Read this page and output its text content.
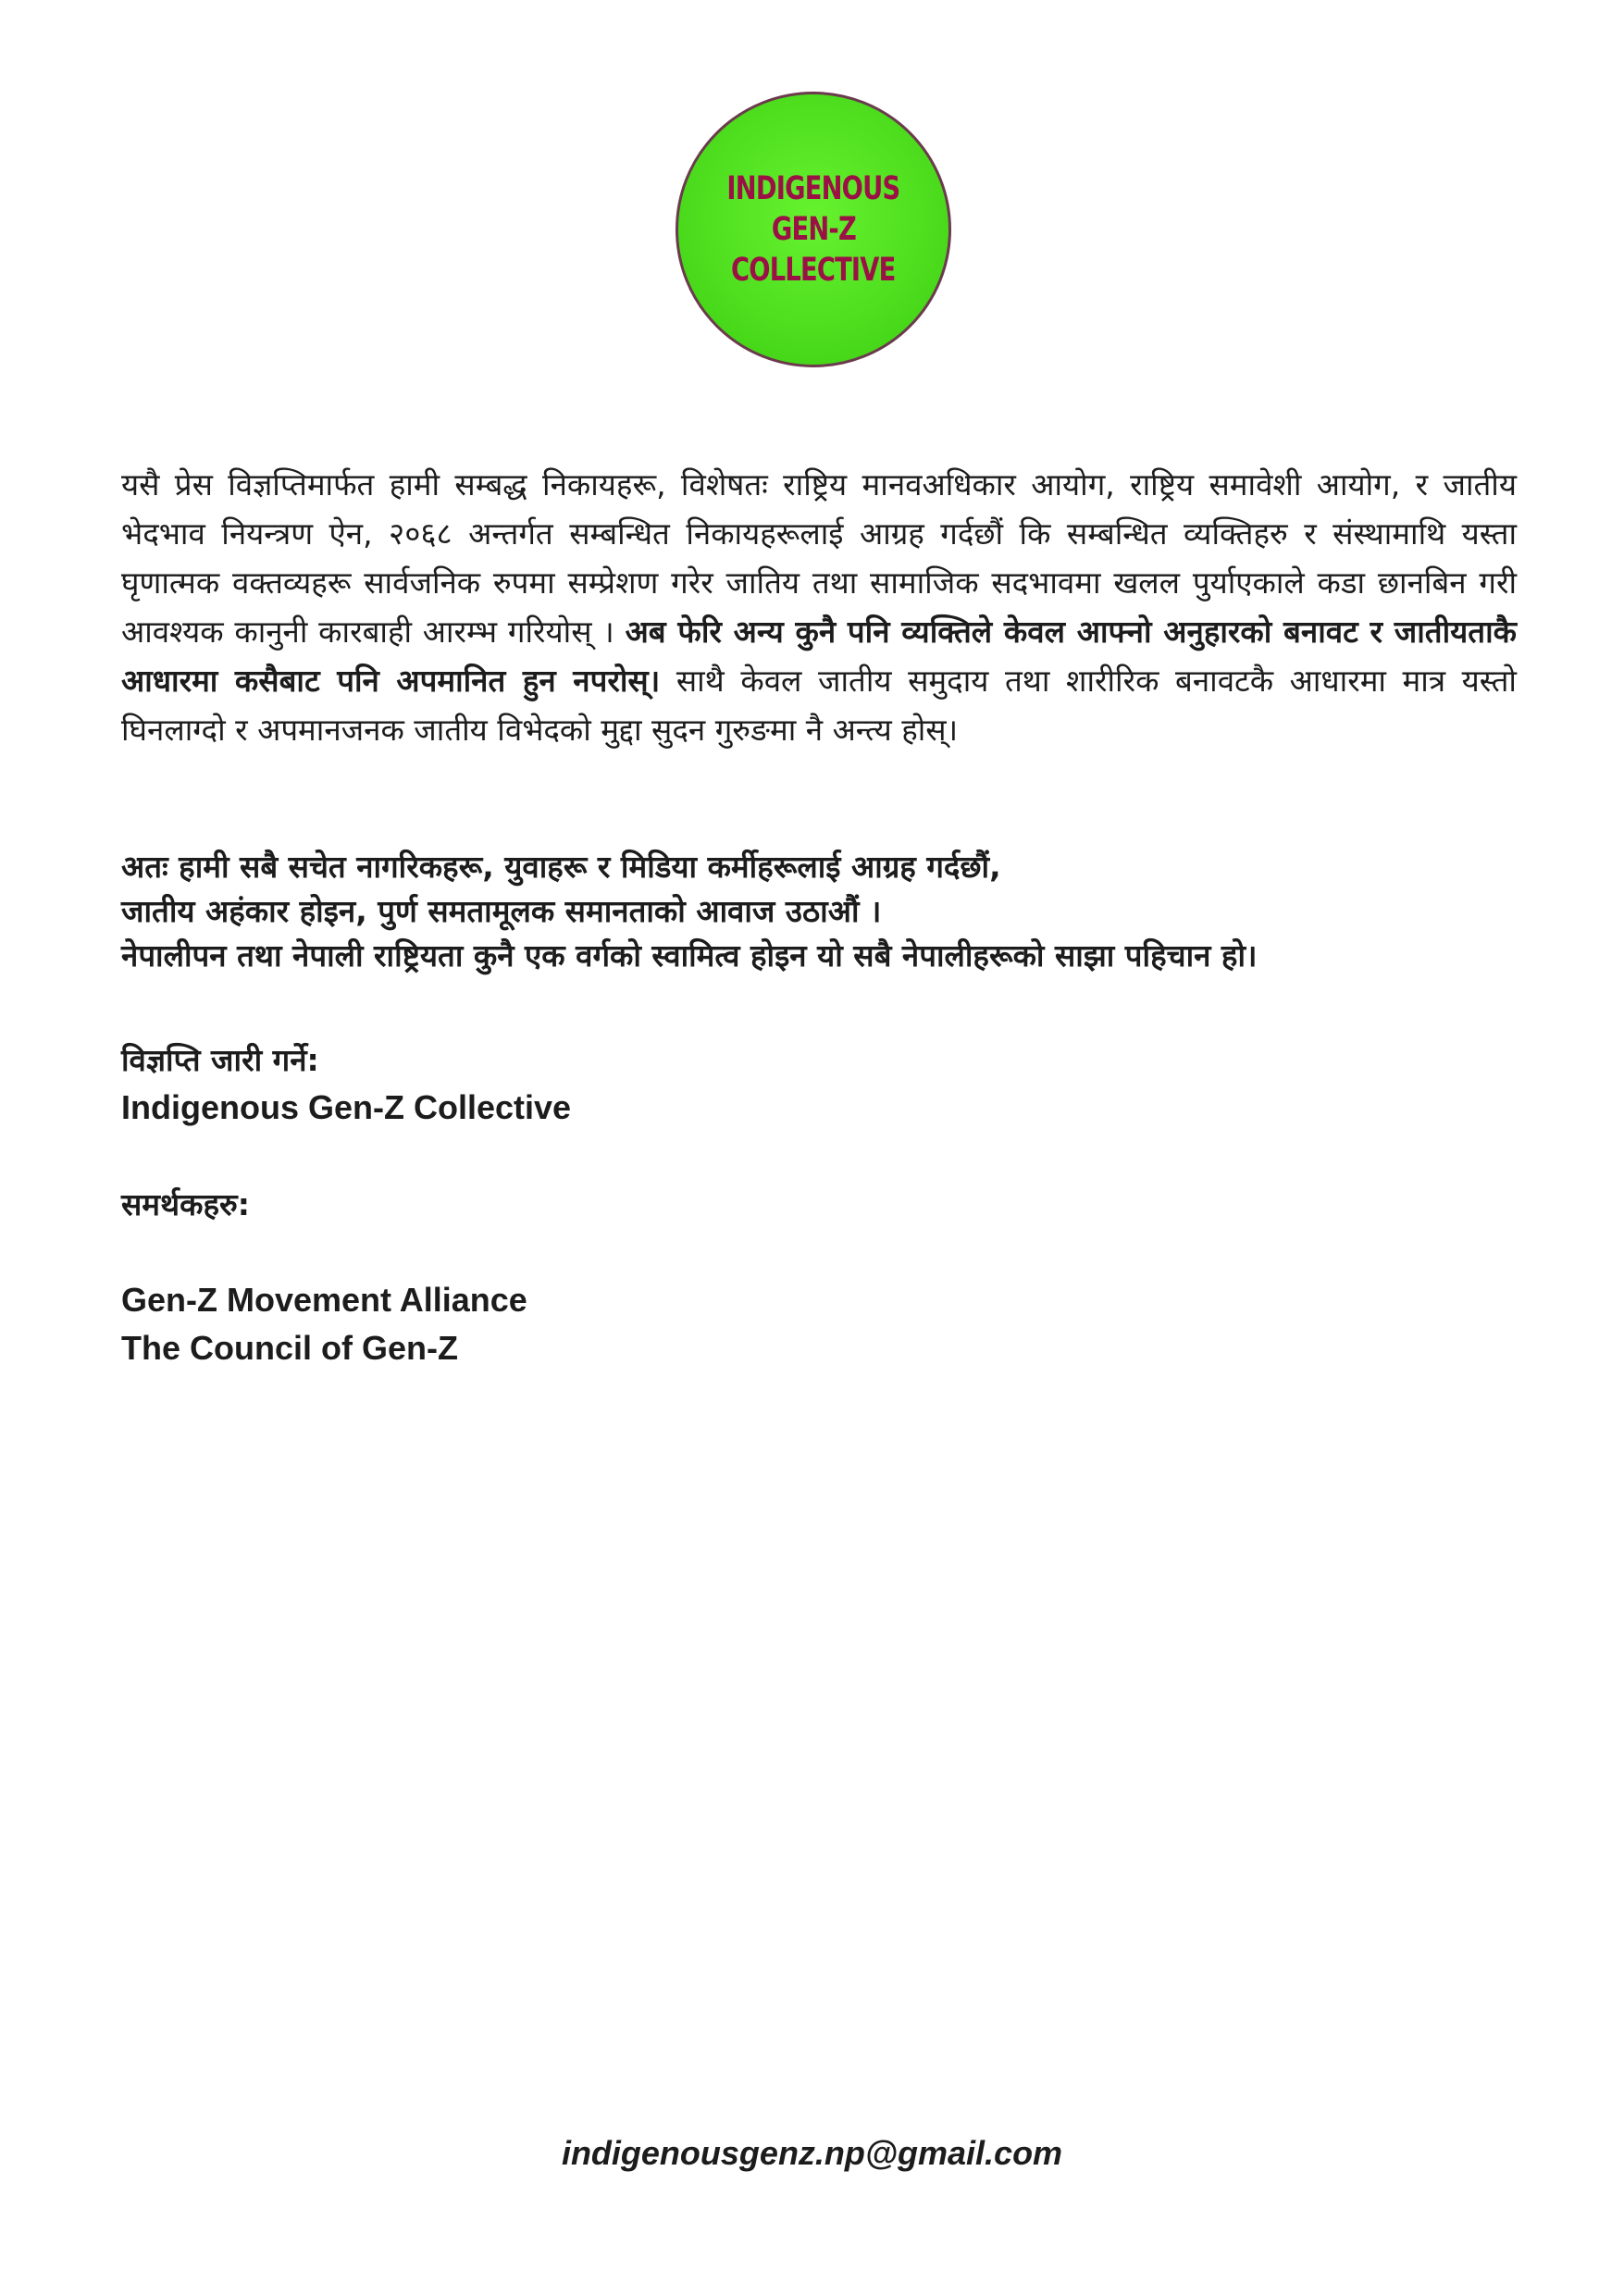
INDIGENOUS
GEN-Z
COLLECTIVE

यसै प्रेस विज्ञप्तिमार्फत हामी सम्बद्ध निकायहरू, विशेषतः राष्ट्रिय मानवअधिकार आयोग, राष्ट्रिय समावेशी आयोग, र जातीय भेदभाव नियन्त्रण ऐन, २०६८ अन्तर्गत सम्बन्धित निकायहरूलाई आग्रह गर्दछौं कि सम्बन्धित व्यक्तिहरु र संस्थामाथि यस्ता घृणात्मक वक्तव्यहरू सार्वजनिक रुपमा सम्प्रेशण गरेर जातिय तथा सामाजिक सदभावमा खलल पुर्याएकाले कडा छानबिन गरी आवश्यक कानुनी कारबाही आरम्भ गरियोस् । अब फेरि अन्य कुनै पनि व्यक्तिले केवल आफ्नो अनुहारको बनावट र जातीयताकै आधारमा कसैबाट पनि अपमानित हुन नपरोस्। साथै केवल जातीय समुदाय तथा शारीरिक बनावटकै आधारमा मात्र यस्तो घिनलाग्दो र अपमानजनक जातीय विभेदको मुद्दा सुदन गुरुङमा नै अन्त्य होस्।

अतः हामी सबै सचेत नागरिकहरू, युवाहरू र मिडिया कर्मीहरूलाई आग्रह गर्दछौं,
जातीय अहंकार होइन, पुर्ण समतामूलक समानताको आवाज उठाऔं ।
नेपालीपन तथा नेपाली राष्ट्रियता कुनै एक वर्गको स्वामित्व होइन यो सबै नेपालीहरूको साझा पहिचान हो।
विज्ञप्ति जारी गर्ने:
Indigenous Gen-Z Collective
समर्थकहरु:
Gen-Z Movement Alliance
The Council of Gen-Z
indigenousgenz.np@gmail.com
